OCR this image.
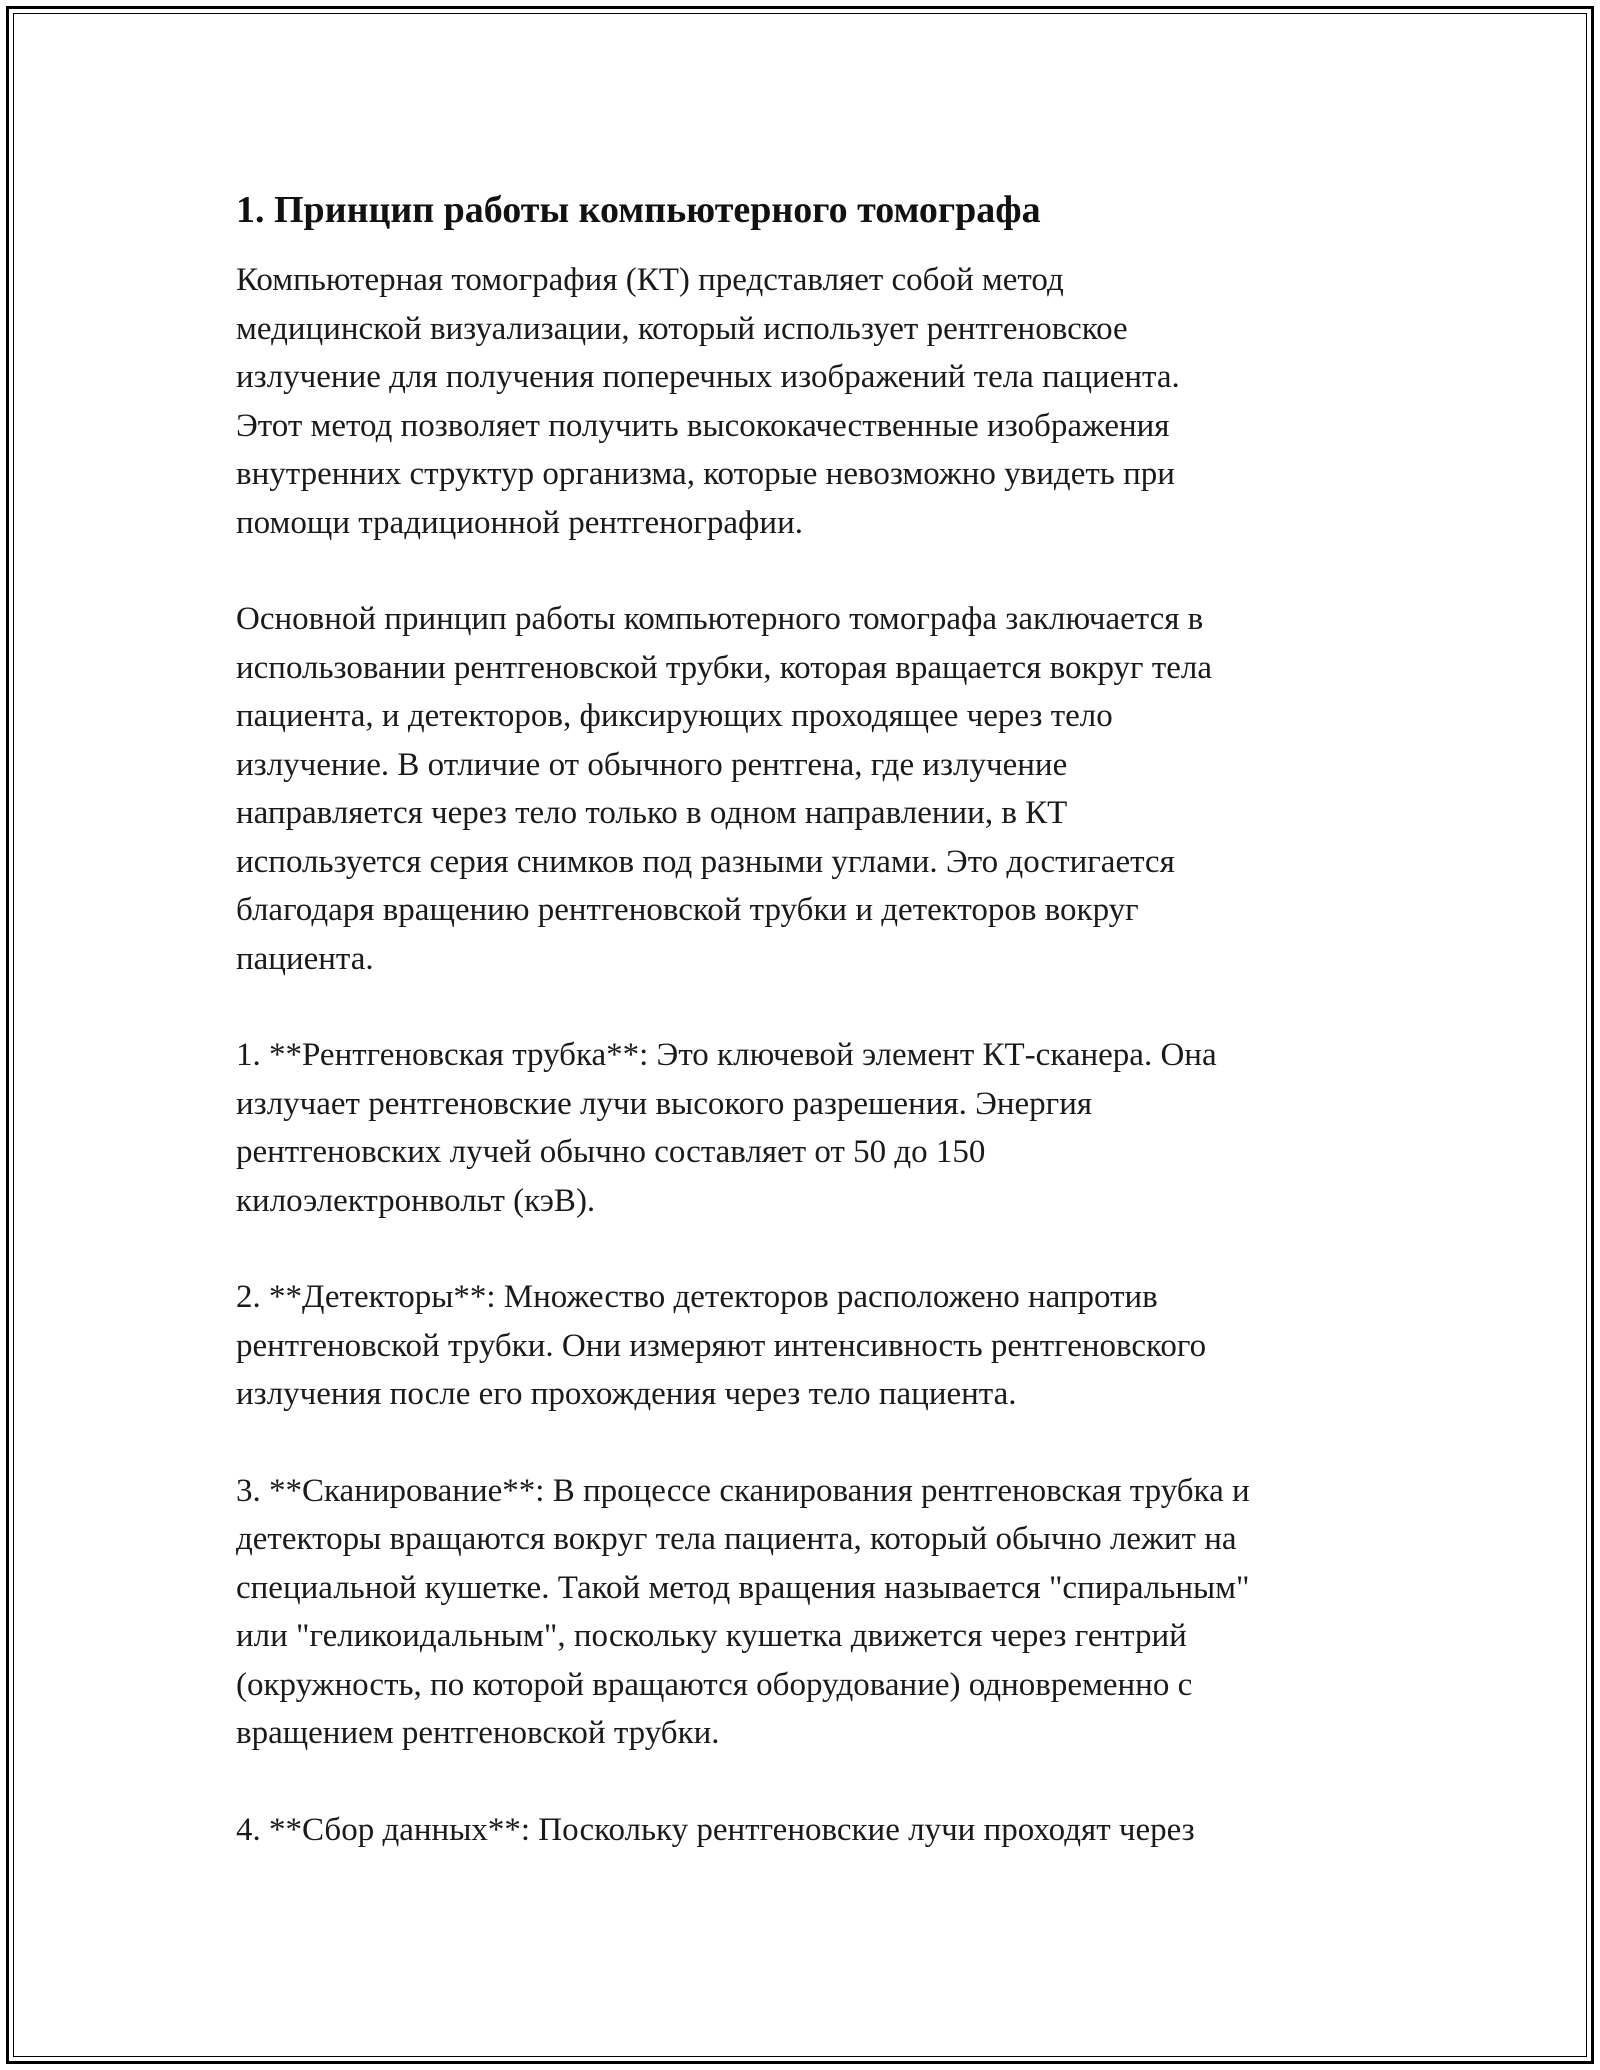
1. Принцип работы компьютерного томографа

Компьютерная томография (КТ) представляет собой метод
медицинской визуализации, который использует рентгеновское
излучение для получения поперечных изображений тела пациента.
Этот метод позволяет получить высококачественные изображения
внутренних структур организма, которые невозможно увидеть при
помощи традиционной рентгенографии.

Основной принцип работы компьютерного томографа заключается в
использовании рентгеновской трубки, которая вращается вокруг тела
пациента, и детекторов, фиксирующих проходящее через тело
излучение. В отличие от обычного рентгена, где излучение
направляется через тело только в одном направлении, в КТ
используется серия снимков под разными углами. Это достигается
благодаря вращению рентгеновской трубки и детекторов вокруг
пациента.

1. **Рентгеновская трубка**: Это ключевой элемент КТ-сканера. Она
излучает рентгеновские лучи высокого разрешения. Энергия
рентгеновских лучей обычно составляет от 50 до 150
килоэлектронвольт (кэВ).

2. **Детекторы**: Множество детекторов расположено напротив
рентгеновской трубки. Они измеряют интенсивность рентгеновского
излучения после его прохождения через тело пациента.

3. **Сканирование**: В процессе сканирования рентгеновская трубка и
детекторы вращаются вокруг тела пациента, который обычно лежит на
специальной кушетке. Такой метод вращения называется "спиральным"
или "геликоидальным", поскольку кушетка движется через гентрий
(окружность, по которой вращаются оборудование) одновременно с
вращением рентгеновской трубки.

4. **Сбор данных**: Поскольку рентгеновские лучи проходят через
